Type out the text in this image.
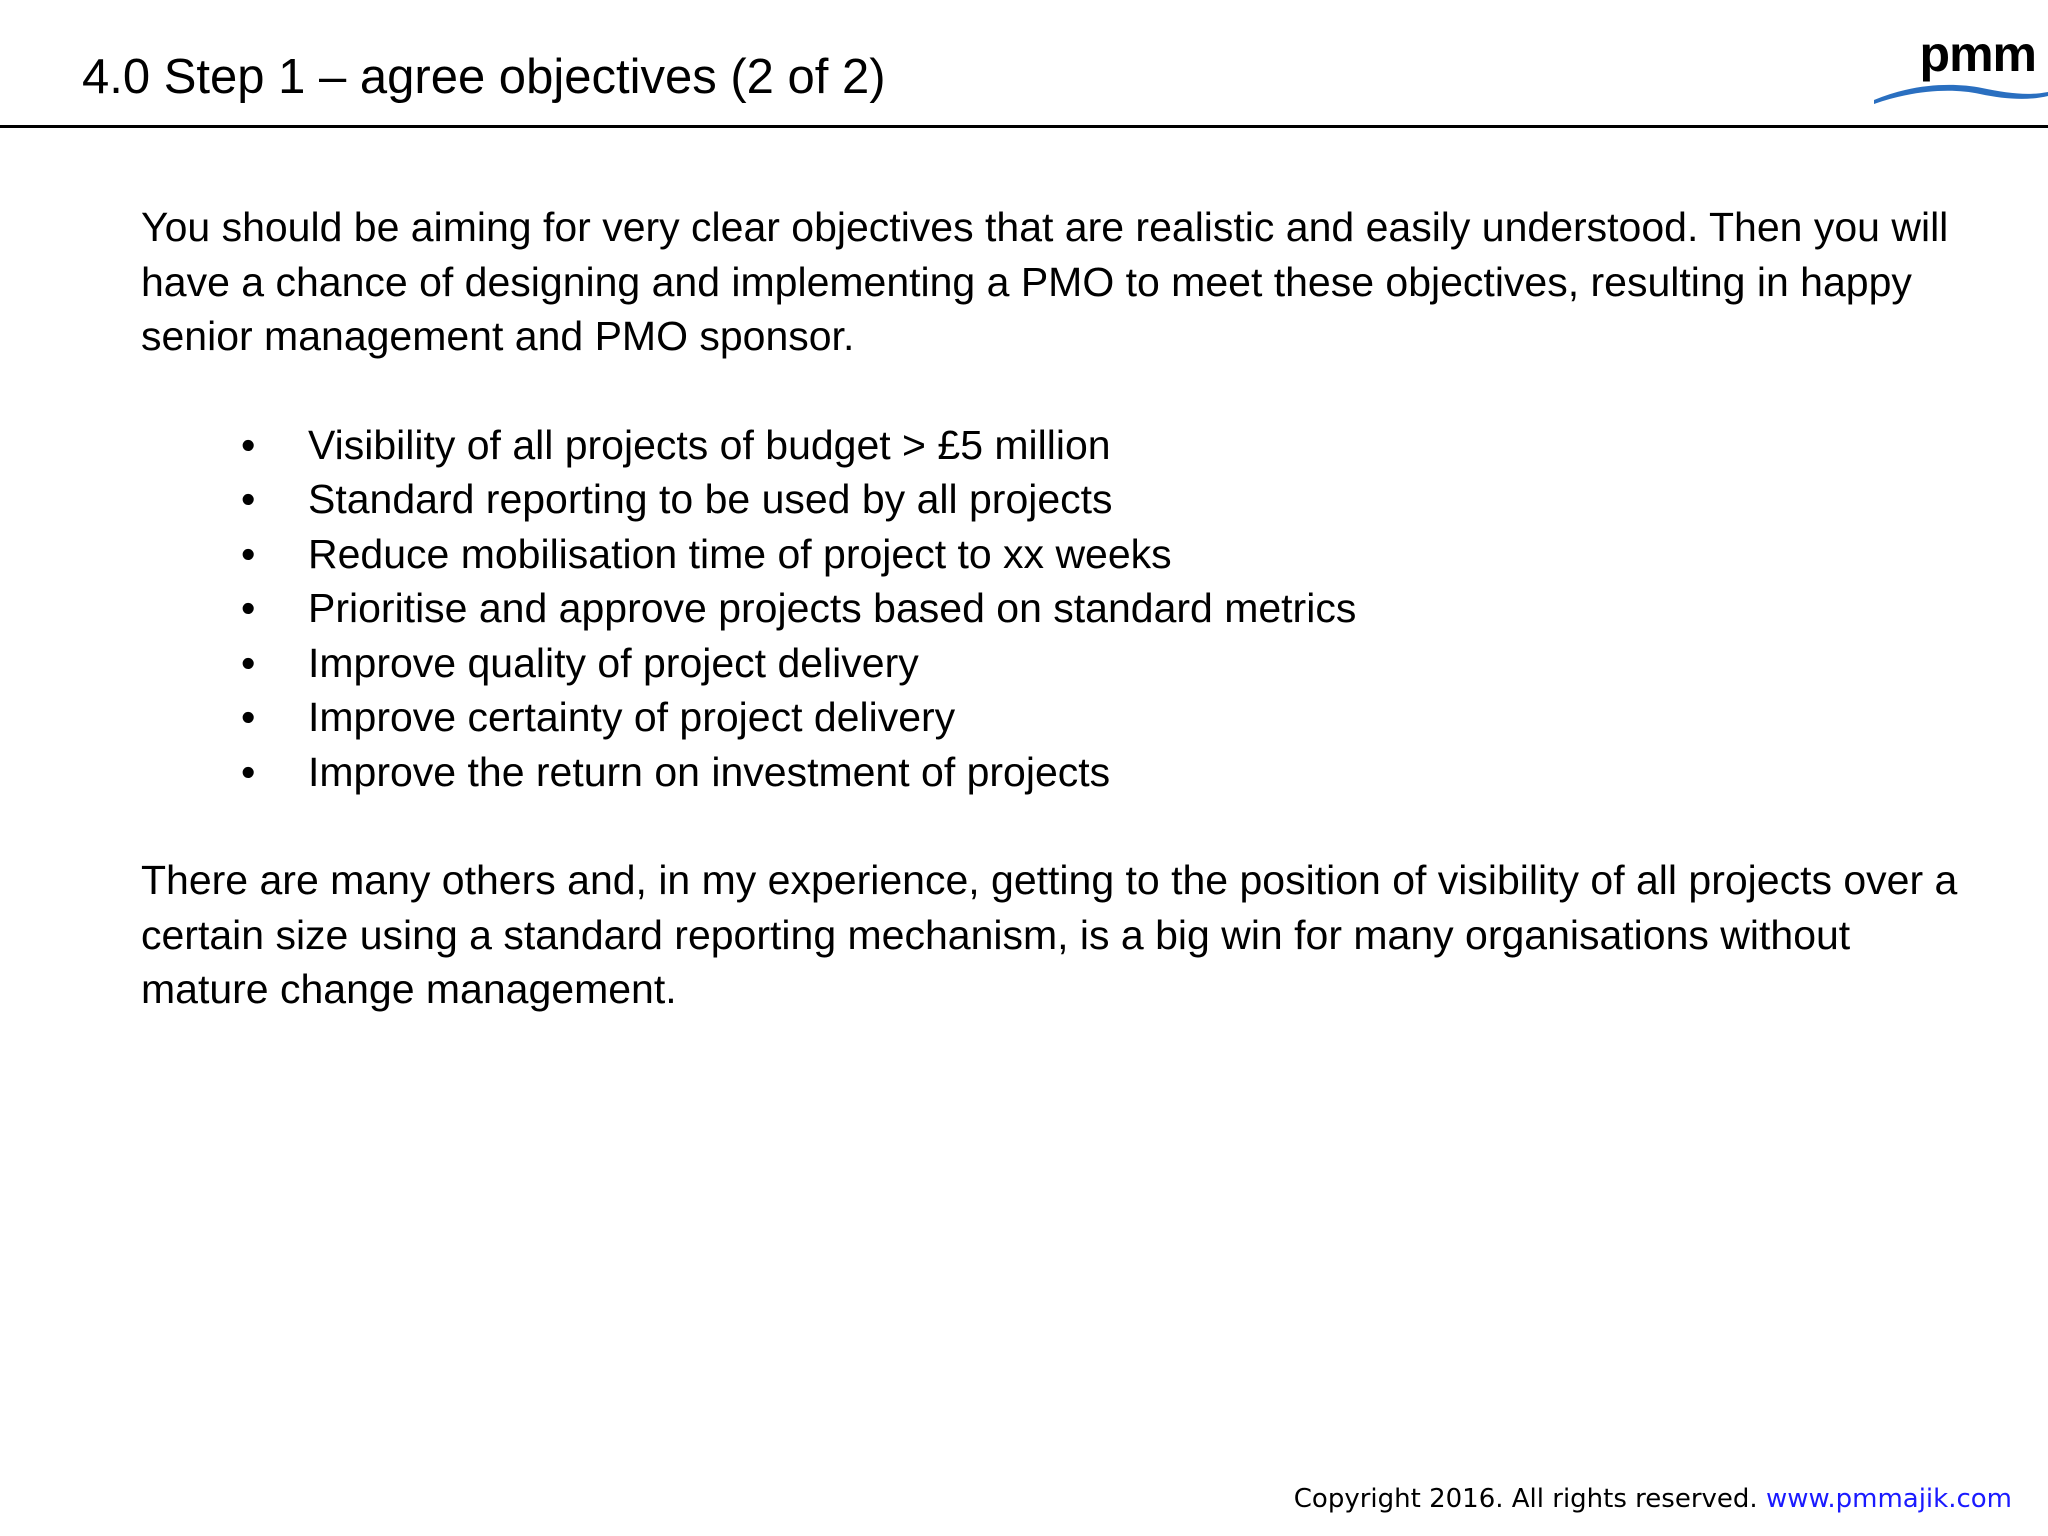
4.0 Step 1 – agree objectives (2 of 2)	pmm

You should be aiming for very clear objectives that are realistic and easily understood. Then you will have a chance of designing and implementing a PMO to meet these objectives, resulting in happy senior management and PMO sponsor.

• Visibility of all projects of budget > £5 million
• Standard reporting to be used by all projects
• Reduce mobilisation time of project to xx weeks
• Prioritise and approve projects based on standard metrics
• Improve quality of project delivery
• Improve certainty of project delivery
• Improve the return on investment of projects

There are many others and, in my experience, getting to the position of visibility of all projects over a certain size using a standard reporting mechanism, is a big win for many organisations without mature change management.

Copyright 2016. All rights reserved. www.pmmajik.com
